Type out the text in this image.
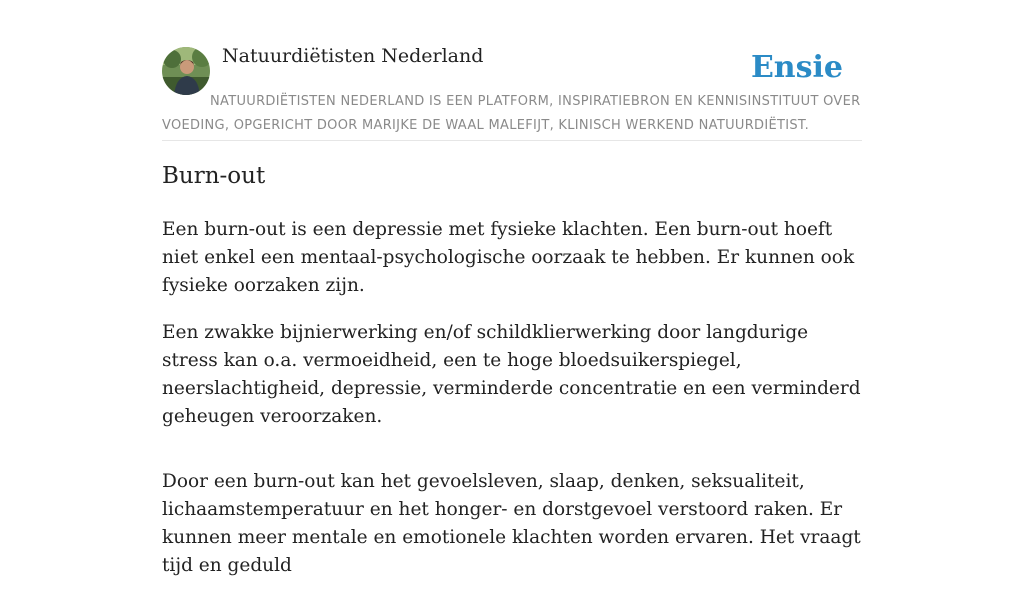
Natuurdiëtisten Nederland	Ensie
NATUURDIËTISTEN NEDERLAND IS EEN PLATFORM, INSPIRATIEBRON EN KENNISINSTITUUT OVER VOEDING, OPGERICHT DOOR MARIJKE DE WAAL MALEFIJT, KLINISCH WERKEND NATUURDIËTIST.
Burn-out

Een burn-out is een depressie met fysieke klachten. Een burn-out hoeft niet enkel een mentaal-psychologische oorzaak te hebben. Er kunnen ook fysieke oorzaken zijn.

Een zwakke bijnierwerking en/of schildklierwerking door langdurige stress kan o.a. vermoeidheid, een te hoge bloedsuikerspiegel, neerslachtigheid, depressie, verminderde concentratie en een verminderd geheugen veroorzaken.

Door een burn-out kan het gevoelsleven, slaap, denken, seksualiteit, lichaamstemperatuur en het honger- en dorstgevoel verstoord raken. Er kunnen meer mentale en emotionele klachten worden ervaren. Het vraagt tijd en geduld
